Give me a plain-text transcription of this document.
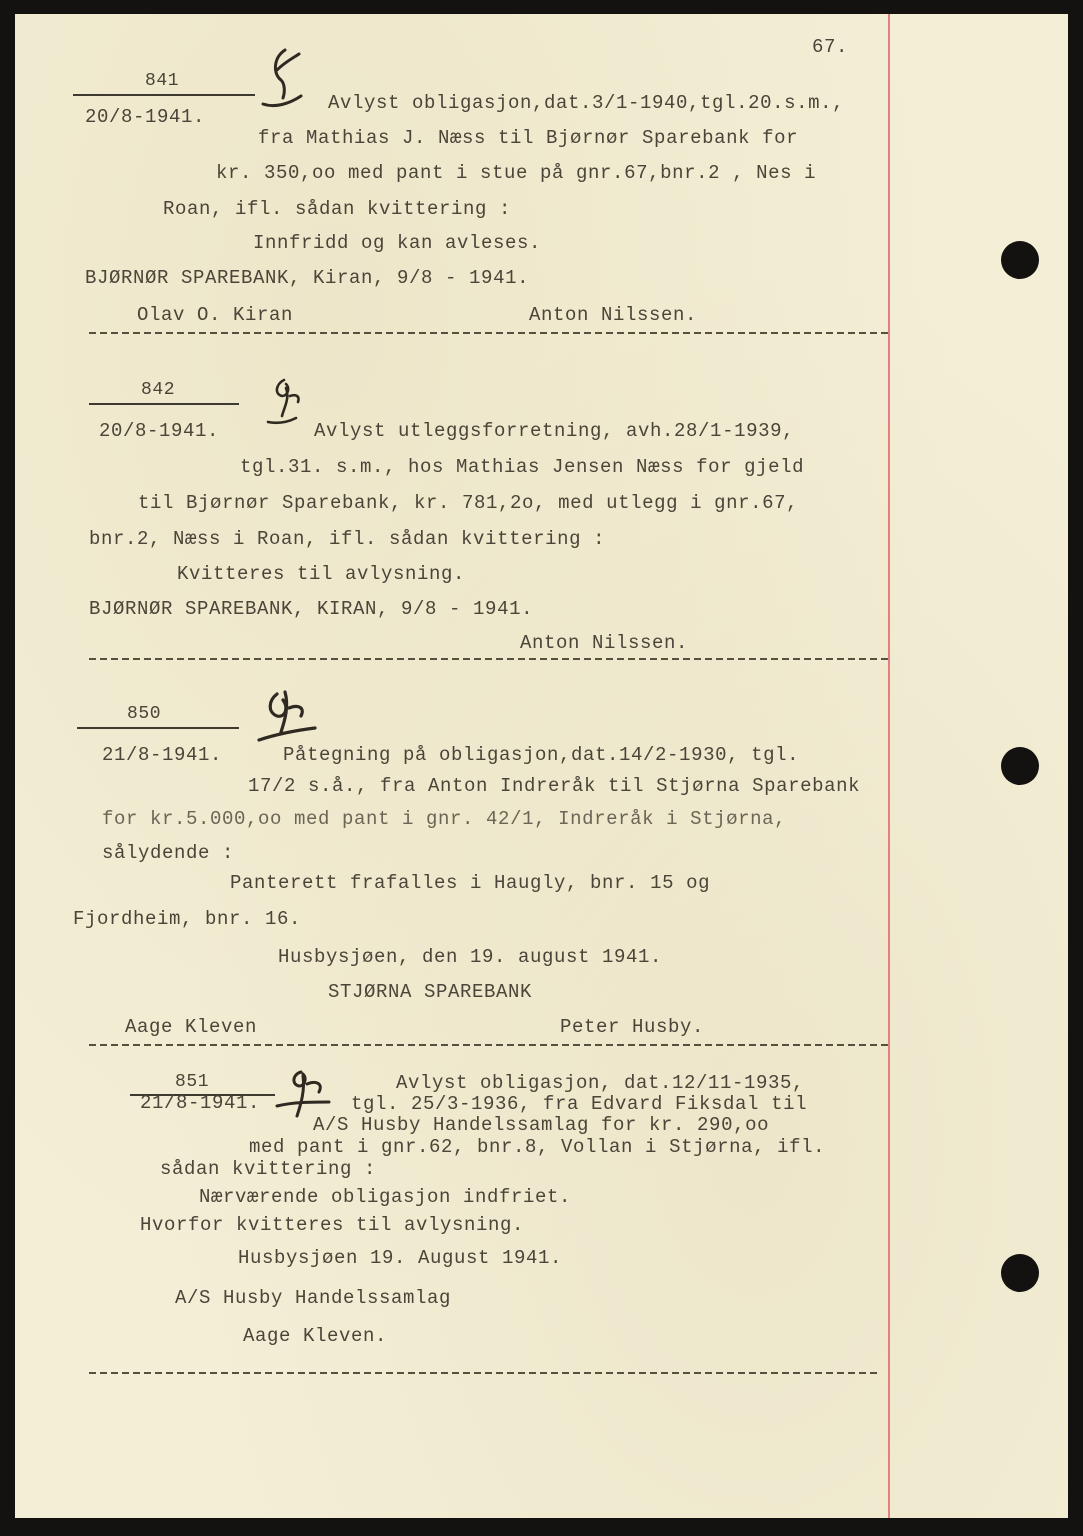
67.
841
20/8-1941.
Avlyst obligasjon,dat.3/1-1940,tgl.20.s.m.,
fra Mathias J. Næss til Bjørnør Sparebank for
kr. 350,oo med pant i stue på gnr.67,bnr.2 , Nes i
Roan, ifl. sådan kvittering :
Innfridd og kan avleses.
BJØRNØR SPAREBANK, Kiran, 9/8 - 1941.
Olav O. Kiran	Anton Nilssen.
842
20/8-1941.	Avlyst utleggsforretning, avh.28/1-1939,
tgl.31. s.m., hos Mathias Jensen Næss for gjeld
til Bjørnør Sparebank, kr. 781,2o, med utlegg i gnr.67,
bnr.2, Næss i Roan, ifl. sådan kvittering :
Kvitteres til avlysning.
BJØRNØR SPAREBANK, KIRAN, 9/8 - 1941.
Anton Nilssen.
850
21/8-1941.	Påtegning på obligasjon,dat.14/2-1930, tgl.
17/2 s.å., fra Anton Indreråk til Stjørna Sparebank
for kr.5.000,oo med pant i gnr. 42/1, Indreråk i Stjørna,
sålydende :
Panterett frafalles i Haugly, bnr. 15 og
Fjordheim, bnr. 16.
Husbysjøen, den 19. august 1941.
STJØRNA SPAREBANK
Aage Kleven	Peter Husby.
851
21/8-1941.
Avlyst obligasjon, dat.12/11-1935,
tgl. 25/3-1936, fra Edvard Fiksdal til
A/S Husby Handelssamlag for kr. 290,oo
med pant i gnr.62, bnr.8, Vollan i Stjørna, ifl.
sådan kvittering :
Nærværende obligasjon indfriet.
Hvorfor kvitteres til avlysning.
Husbysjøen 19. August 1941.
A/S Husby Handelssamlag
Aage Kleven.
